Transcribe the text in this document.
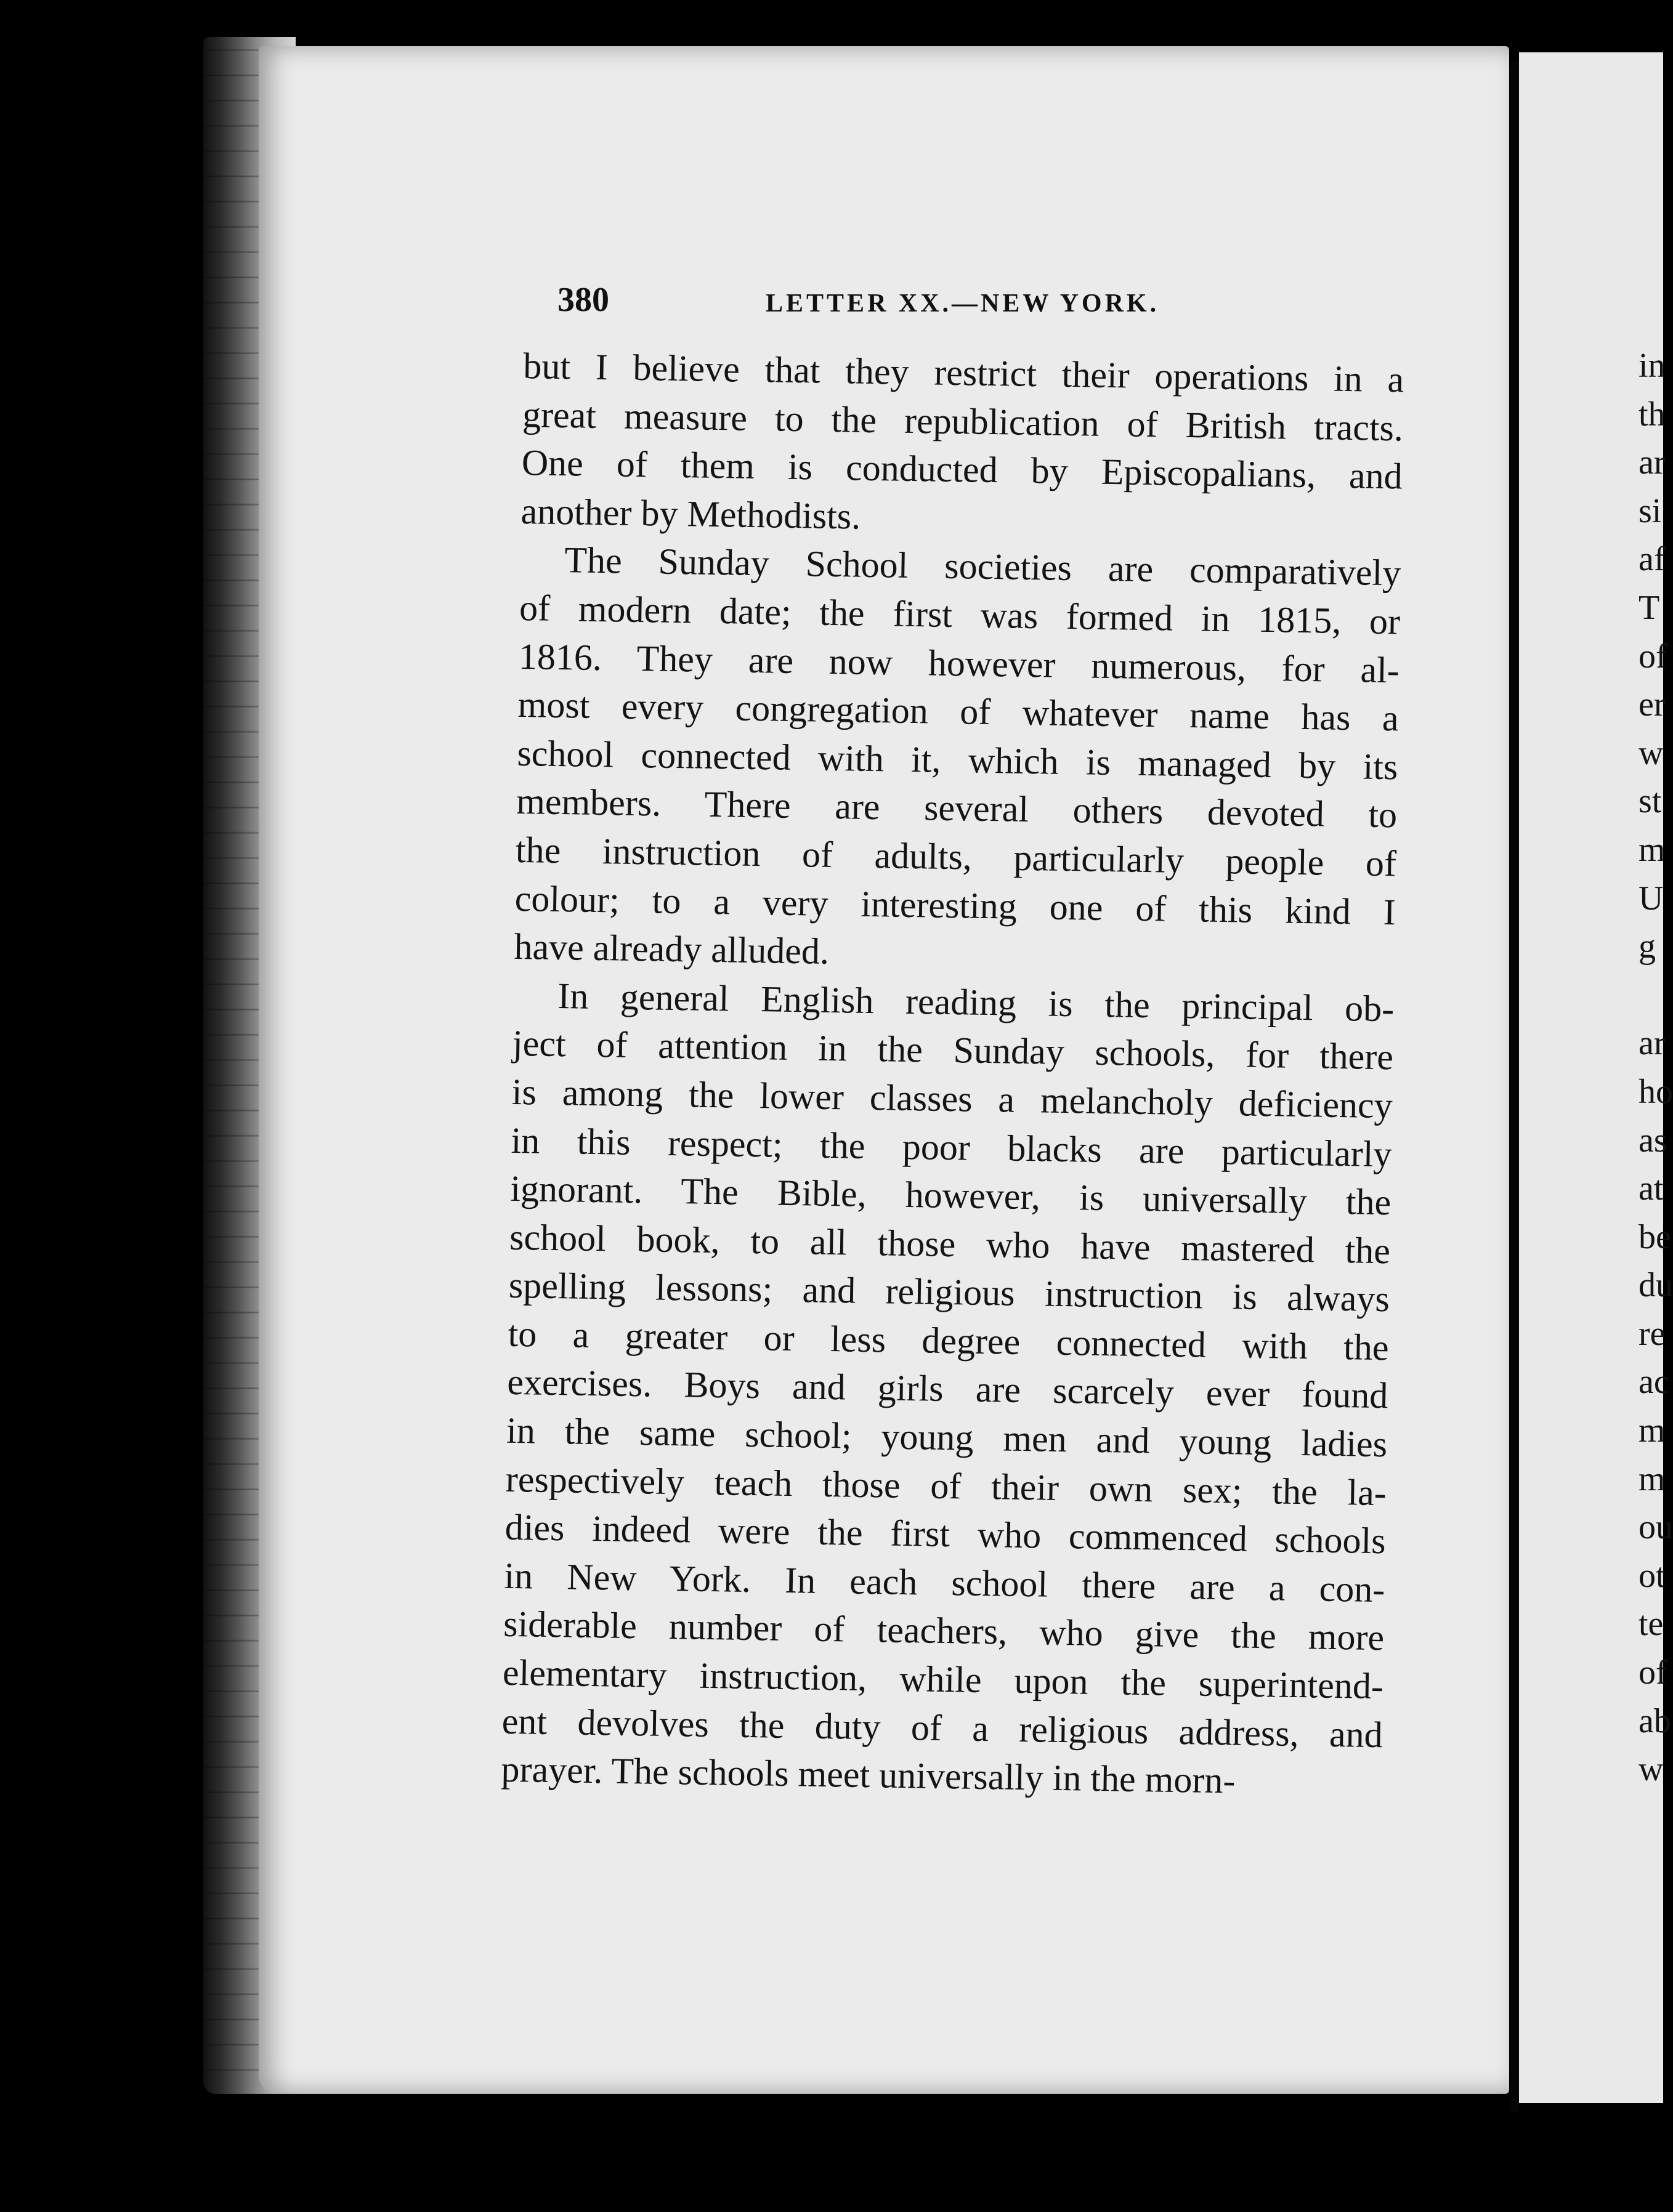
380	LETTER XX.—NEW YORK.
but I believe that they restrict their operations in a
great measure to the republication of British tracts.
One of them is conducted by Episcopalians, and
another by Methodists.
The Sunday School societies are comparatively
of modern date; the first was formed in 1815, or
1816. They are now however numerous, for al-
most every congregation of whatever name has a
school connected with it, which is managed by its
members. There are several others devoted to
the instruction of adults, particularly people of
colour; to a very interesting one of this kind I
have already alluded.
In general English reading is the principal ob-
ject of attention in the Sunday schools, for there
is among the lower classes a melancholy deficiency
in this respect; the poor blacks are particularly
ignorant. The Bible, however, is universally the
school book, to all those who have mastered the
spelling lessons; and religious instruction is always
to a greater or less degree connected with the
exercises. Boys and girls are scarcely ever found
in the same school; young men and young ladies
respectively teach those of their own sex; the la-
dies indeed were the first who commenced schools
in New York. In each school there are a con-
siderable number of teachers, who give the more
elementary instruction, while upon the superintend-
ent devolves the duty of a religious address, and
prayer. The schools meet universally in the morn-
in
th
ar
si
af
T
of
er
w
st
m
U
g
ar
ho
as
at
be
du
re
ac
m
m
ou
ot
te
of
ab
w
